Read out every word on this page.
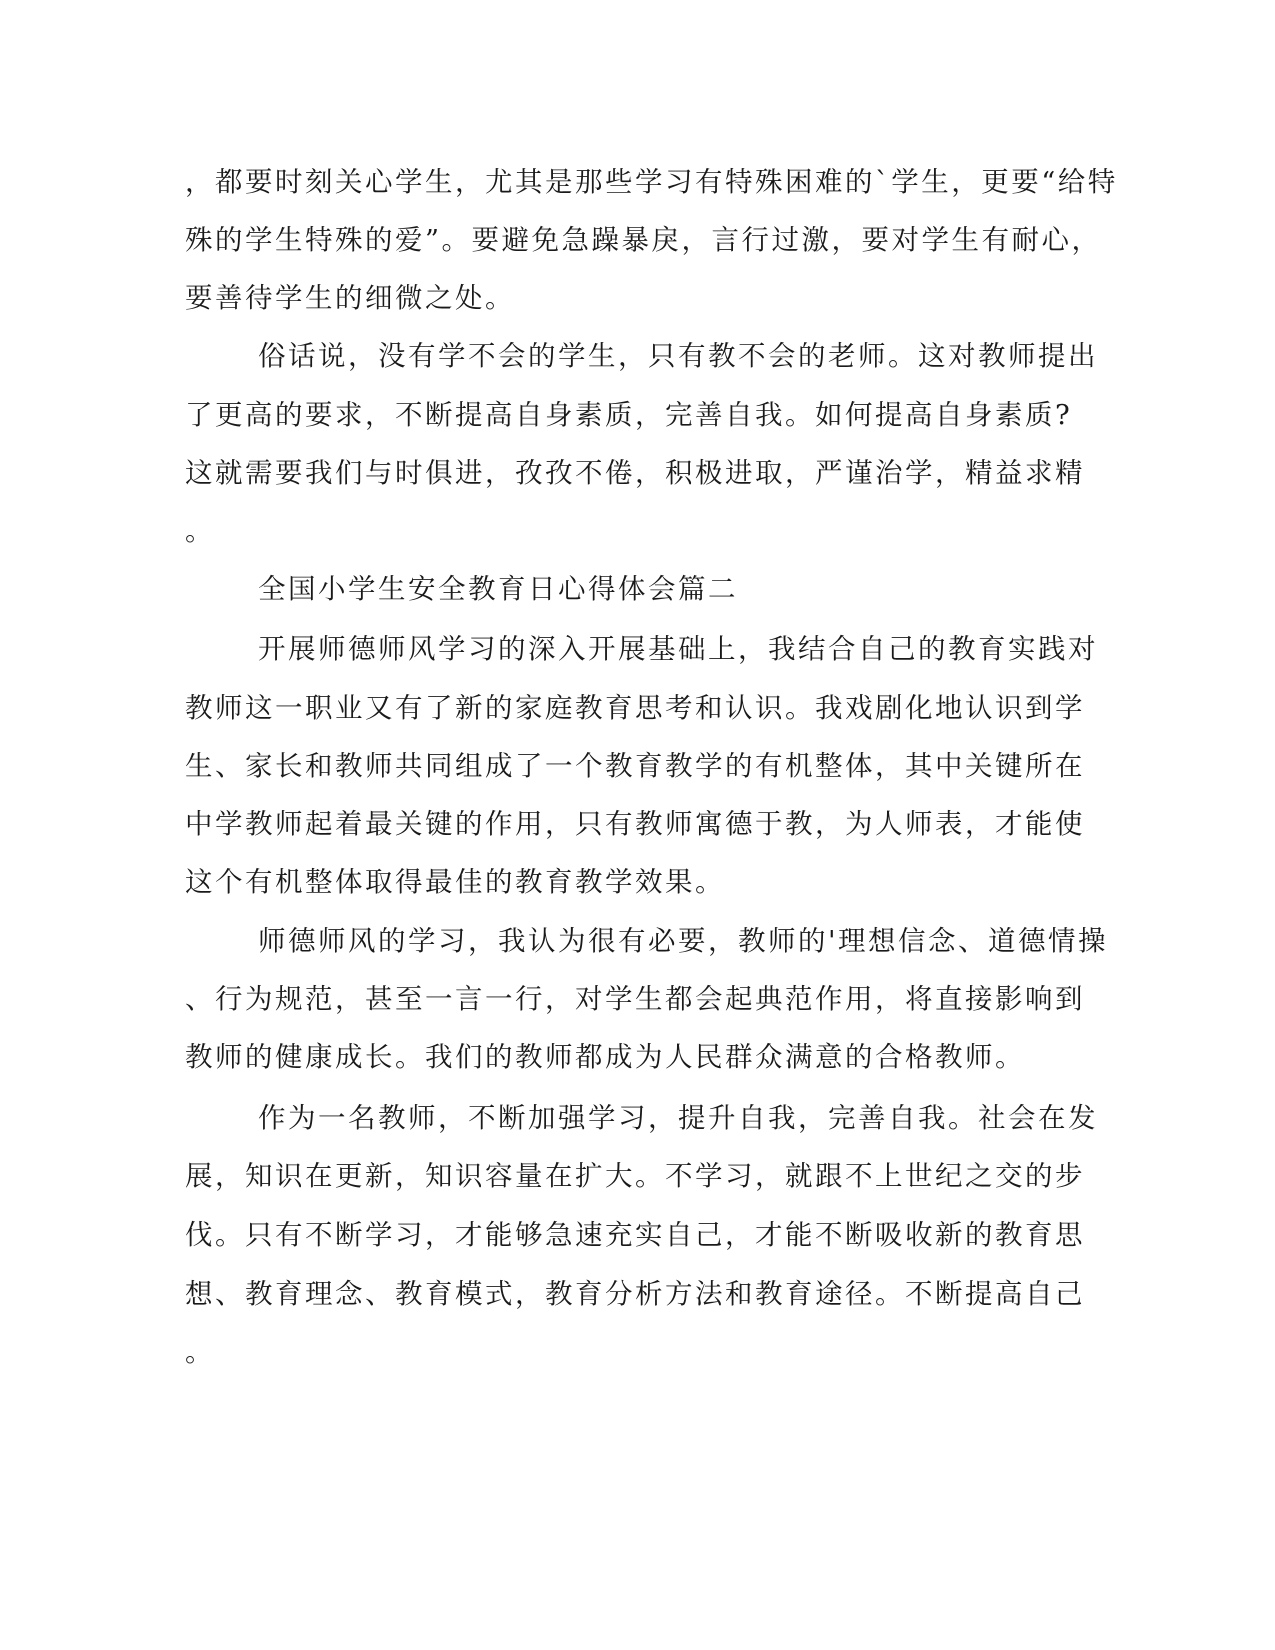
，都要时刻关心学生，尤其是那些学习有特殊困难的`学生，更要“给特
殊的学生特殊的爱”。要避免急躁暴戾，言行过激，要对学生有耐心，
要善待学生的细微之处。
俗话说，没有学不会的学生，只有教不会的老师。这对教师提出
了更高的要求，不断提高自身素质，完善自我。如何提高自身素质?
这就需要我们与时俱进，孜孜不倦，积极进取，严谨治学，精益求精
。
全国小学生安全教育日心得体会篇二
开展师德师风学习的深入开展基础上，我结合自己的教育实践对
教师这一职业又有了新的家庭教育思考和认识。我戏剧化地认识到学
生、家长和教师共同组成了一个教育教学的有机整体，其中关键所在
中学教师起着最关键的作用，只有教师寓德于教，为人师表，才能使
这个有机整体取得最佳的教育教学效果。
师德师风的学习，我认为很有必要，教师的'理想信念、道德情操
、行为规范，甚至一言一行，对学生都会起典范作用，将直接影响到
教师的健康成长。我们的教师都成为人民群众满意的合格教师。
作为一名教师，不断加强学习，提升自我，完善自我。社会在发
展，知识在更新，知识容量在扩大。不学习，就跟不上世纪之交的步
伐。只有不断学习，才能够急速充实自己，才能不断吸收新的教育思
想、教育理念、教育模式，教育分析方法和教育途径。不断提高自己
。
